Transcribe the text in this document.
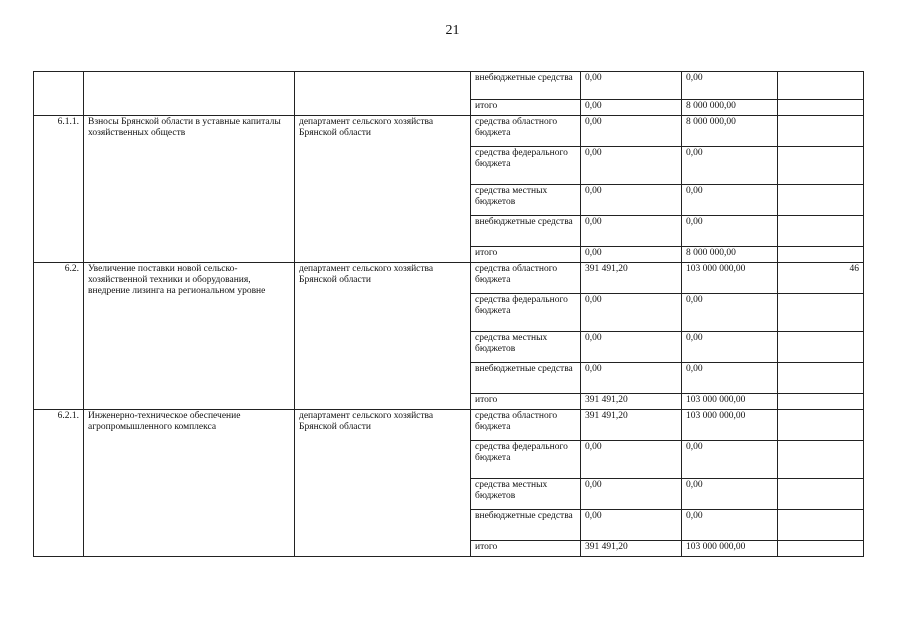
21
			внебюджетные средства	0,00	0,00	
			итого	0,00	8 000 000,00	
6.1.1.	Взносы Брянской области в уставные капиталы хозяйственных обществ	департамент сельского хозяйства Брянской области	средства областного бюджета	0,00	8 000 000,00	
			средства федерального бюджета	0,00	0,00	
			средства местных бюджетов	0,00	0,00	
			внебюджетные средства	0,00	0,00	
			итого	0,00	8 000 000,00	
6.2.	Увеличение поставки новой сельско-хозяйственной техники и оборудования, внедрение лизинга на региональном уровне	департамент сельского хозяйства Брянской области	средства областного бюджета	391 491,20	103 000 000,00	46
			средства федерального бюджета	0,00	0,00	
			средства местных бюджетов	0,00	0,00	
			внебюджетные средства	0,00	0,00	
			итого	391 491,20	103 000 000,00	
6.2.1.	Инженерно-техническое обеспечение агропромышленного комплекса	департамент сельского хозяйства Брянской области	средства областного бюджета	391 491,20	103 000 000,00	
			средства федерального бюджета	0,00	0,00	
			средства местных бюджетов	0,00	0,00	
			внебюджетные средства	0,00	0,00	
			итого	391 491,20	103 000 000,00	
